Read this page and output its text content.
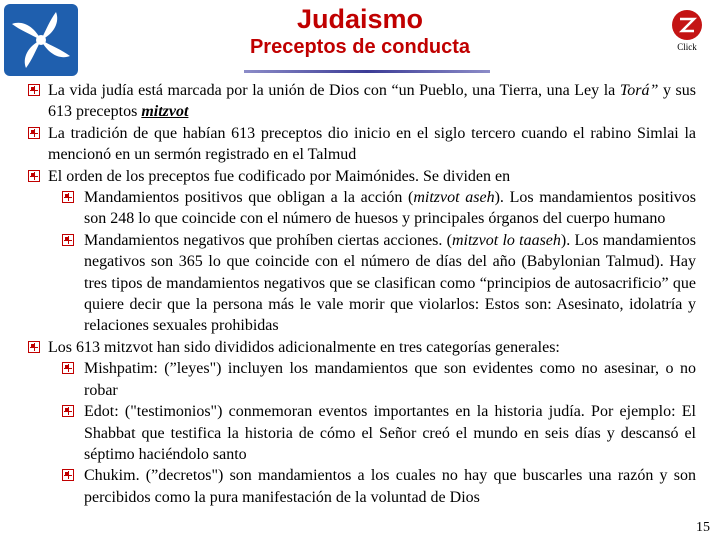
Judaismo
Preceptos de conducta	Click
La vida judía está marcada por la unión de Dios con “un Pueblo, una Tierra, una Ley la Torá” y sus 613 preceptos mitzvot
La tradición de que habían 613 preceptos dio inicio en el siglo tercero cuando el rabino Simlai la mencionó en un sermón registrado en el Talmud
El orden de los preceptos fue codificado por Maimónides. Se dividen en
Mandamientos positivos que obligan a la acción (mitzvot aseh). Los mandamientos positivos son 248 lo que coincide con el número de huesos y principales órganos del cuerpo humano
Mandamientos negativos que prohíben ciertas acciones. (mitzvot lo taaseh). Los mandamientos negativos son 365 lo que coincide con el número de días del año (Babylonian Talmud). Hay tres tipos de mandamientos negativos que se clasifican como “principios de autosacrificio” que quiere decir que la persona más le vale morir que violarlos: Estos son: Asesinato, idolatría y relaciones sexuales prohibidas
Los 613 mitzvot han sido divididos adicionalmente en tres categorías generales:
Mishpatim: (”leyes") incluyen los mandamientos que son evidentes como no asesinar, o no robar
Edot: ("testimonios") conmemoran eventos importantes en la historia judía. Por ejemplo: El Shabbat que testifica la historia de cómo el Señor creó el mundo en seis días y descansó el séptimo haciéndolo santo
Chukim. (”decretos") son mandamientos a los cuales no hay que buscarles una razón y son percibidos como la pura manifestación de la voluntad de Dios
15
